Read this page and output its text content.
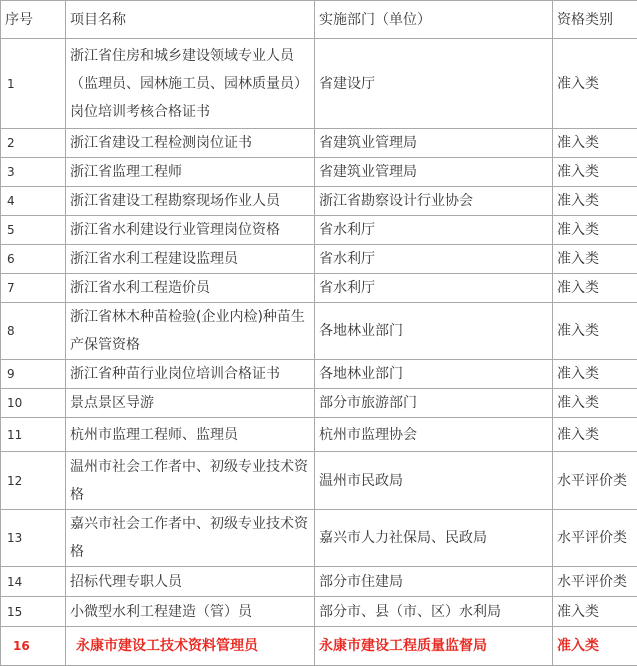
序号	项目名称	实施部门（单位）	资格类别
1	浙江省住房和城乡建设领域专业人员（监理员、园林施工员、园林质量员）岗位培训考核合格证书	省建设厅	准入类
2	浙江省建设工程检测岗位证书	省建筑业管理局	准入类
3	浙江省监理工程师	省建筑业管理局	准入类
4	浙江省建设工程勘察现场作业人员	浙江省勘察设计行业协会	准入类
5	浙江省水利建设行业管理岗位资格	省水利厅	准入类
6	浙江省水利工程建设监理员	省水利厅	准入类
7	浙江省水利工程造价员	省水利厅	准入类
8	浙江省林木种苗检验(企业内检)种苗生产保管资格	各地林业部门	准入类
9	浙江省种苗行业岗位培训合格证书	各地林业部门	准入类
10	景点景区导游	部分市旅游部门	准入类
11	杭州市监理工程师、监理员	杭州市监理协会	准入类
12	温州市社会工作者中、初级专业技术资格	温州市民政局	水平评价类
13	嘉兴市社会工作者中、初级专业技术资格	嘉兴市人力社保局、民政局	水平评价类
14	招标代理专职人员	部分市住建局	水平评价类
15	小微型水利工程建造（管）员	部分市、县（市、区）水利局	准入类
16	永康市建设工技术资料管理员	永康市建设工程质量监督局	准入类
